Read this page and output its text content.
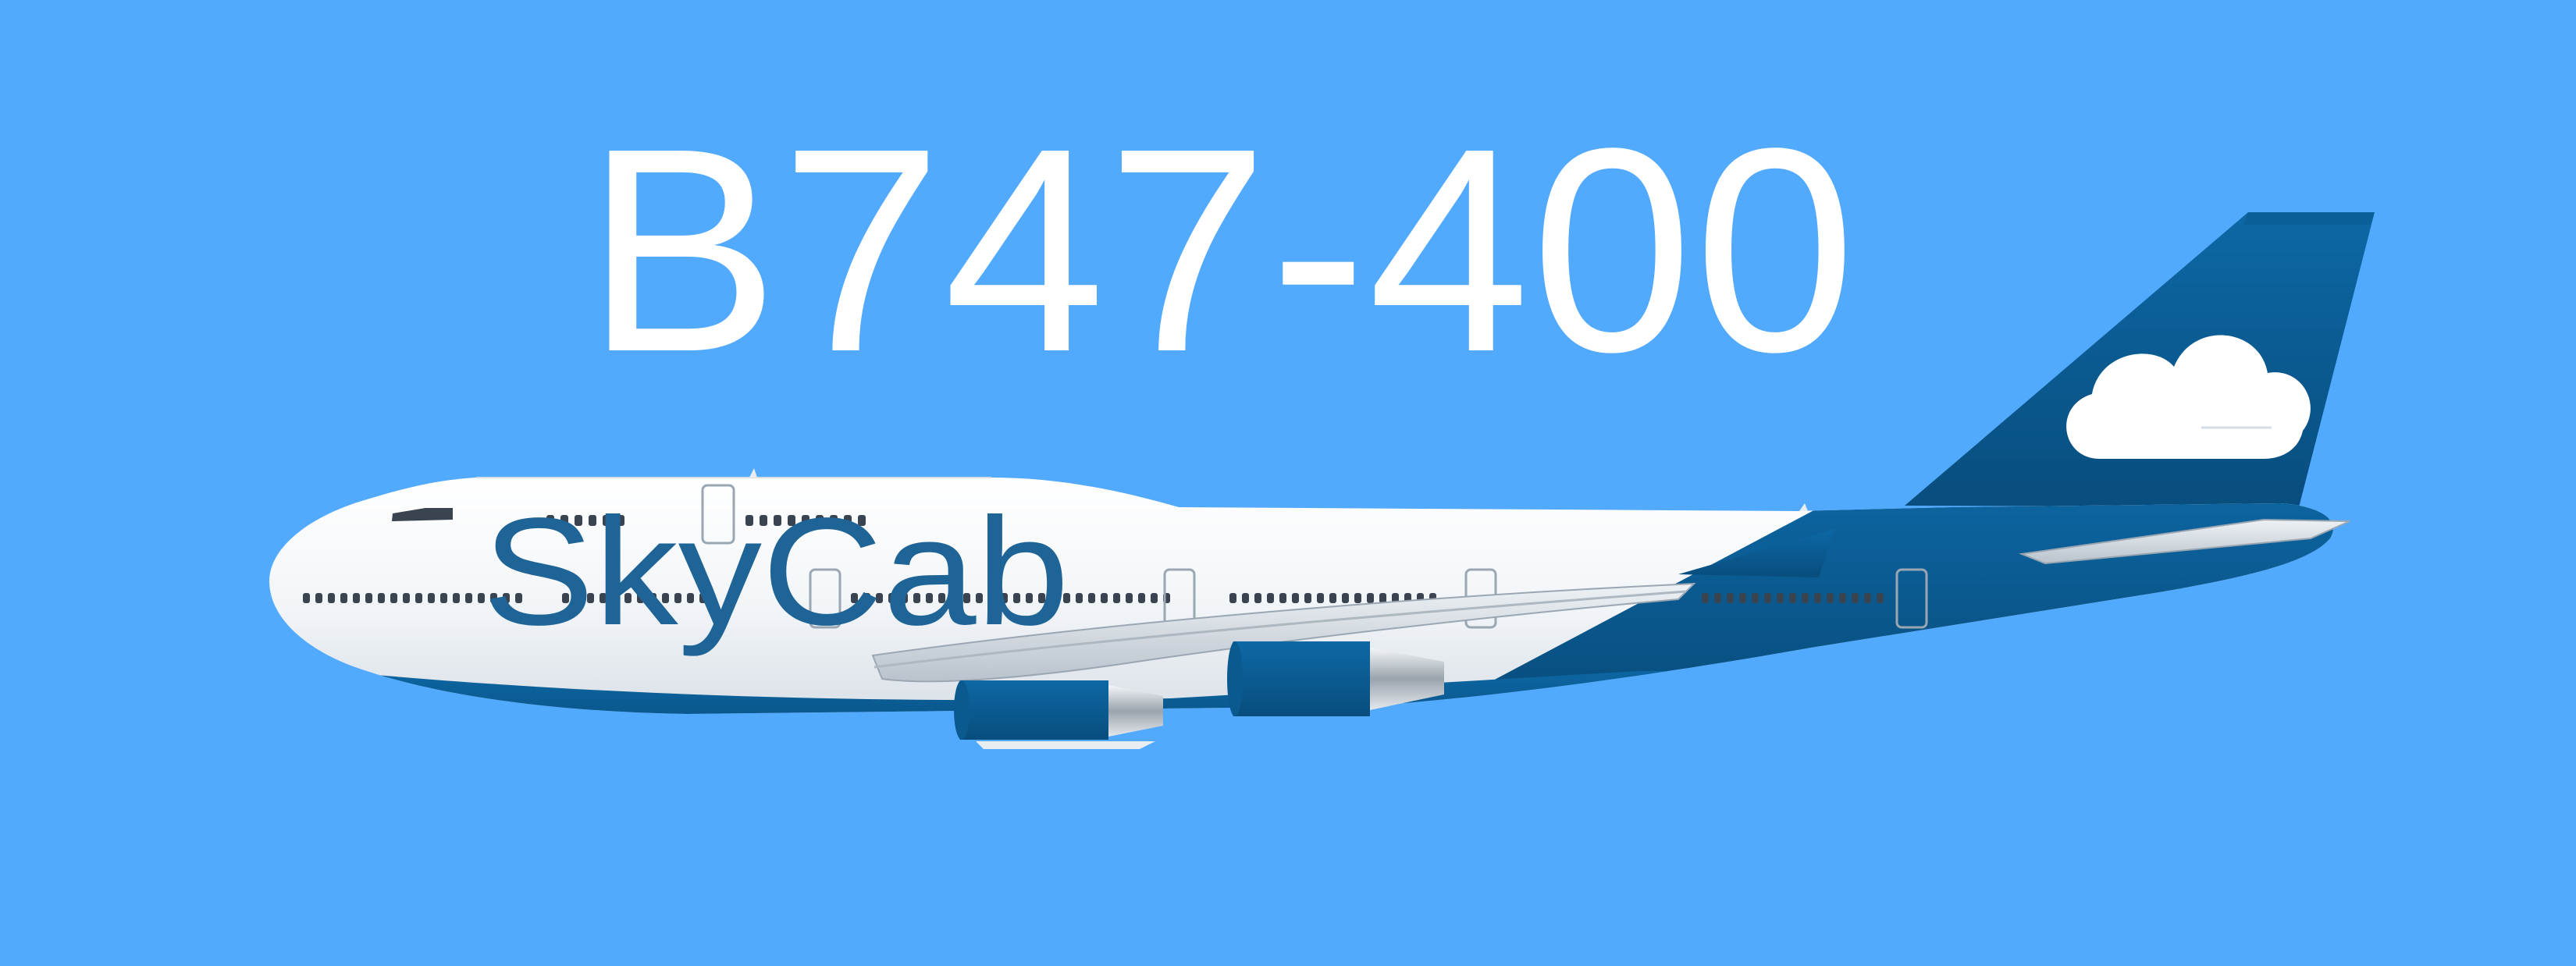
B747-400
SkyCab
